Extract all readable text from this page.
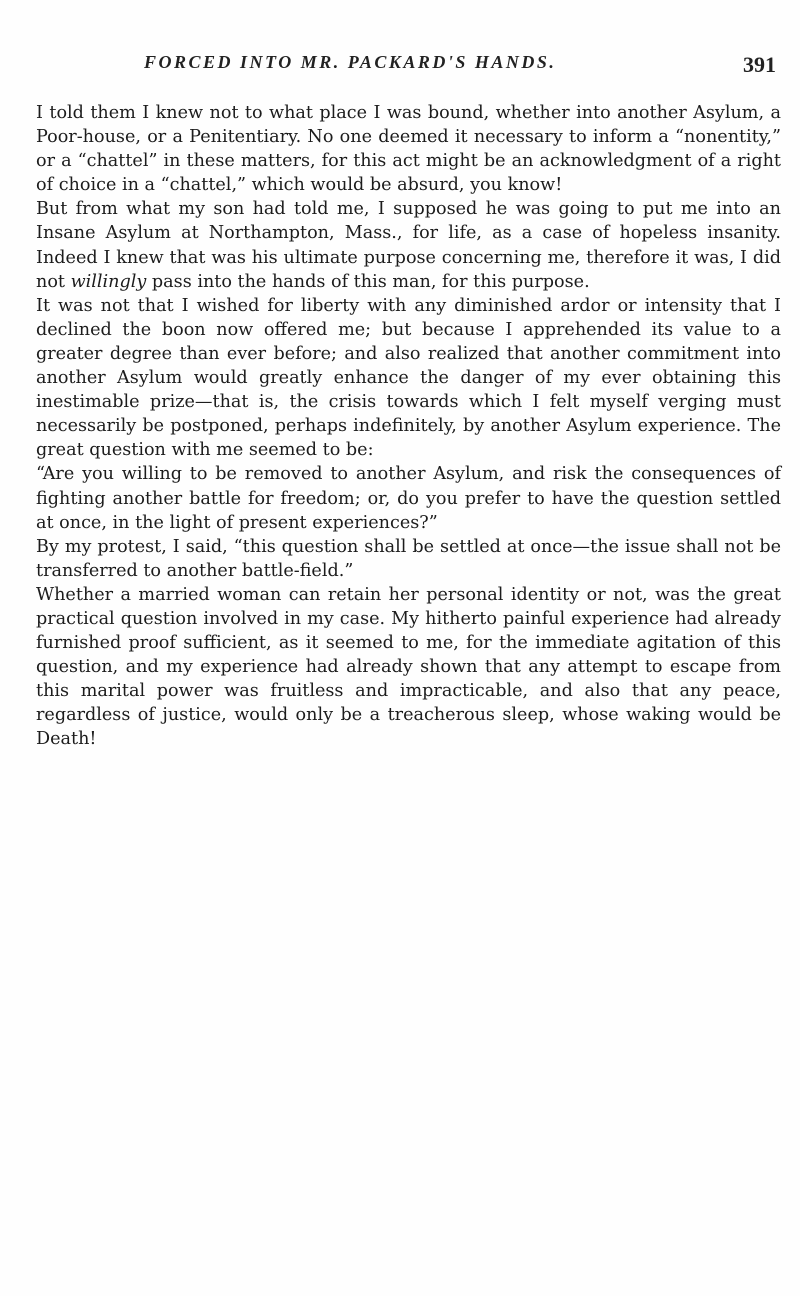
FORCED INTO MR. PACKARD'S HANDS.	391

I told them I knew not to what place I was bound, whether into another Asylum, a Poor-house, or a Penitentiary. No one deemed it necessary to inform a “nonentity,” or a “chattel” in these matters, for this act might be an acknowledgment of a right of choice in a “chattel,” which would be absurd, you know!

But from what my son had told me, I supposed he was going to put me into an Insane Asylum at Northampton, Mass., for life, as a case of hopeless insanity. Indeed I knew that was his ultimate purpose concerning me, therefore it was, I did not willingly pass into the hands of this man, for this purpose.

It was not that I wished for liberty with any diminished ardor or intensity that I declined the boon now offered me; but because I apprehended its value to a greater degree than ever before; and also realized that another commitment into another Asylum would greatly enhance the danger of my ever obtaining this inestimable prize—that is, the crisis towards which I felt myself verging must necessarily be postponed, perhaps indefinitely, by another Asylum experience. The great question with me seemed to be:

“Are you willing to be removed to another Asylum, and risk the consequences of fighting another battle for freedom; or, do you prefer to have the question settled at once, in the light of present experiences?”

By my protest, I said, “this question shall be settled at once—the issue shall not be transferred to another battle-field.”

Whether a married woman can retain her personal identity or not, was the great practical question involved in my case. My hitherto painful experience had already furnished proof sufficient, as it seemed to me, for the immediate agitation of this question, and my experience had already shown that any attempt to escape from this marital power was fruitless and impracticable, and also that any peace, regardless of justice, would only be a treacherous sleep, whose waking would be Death!
